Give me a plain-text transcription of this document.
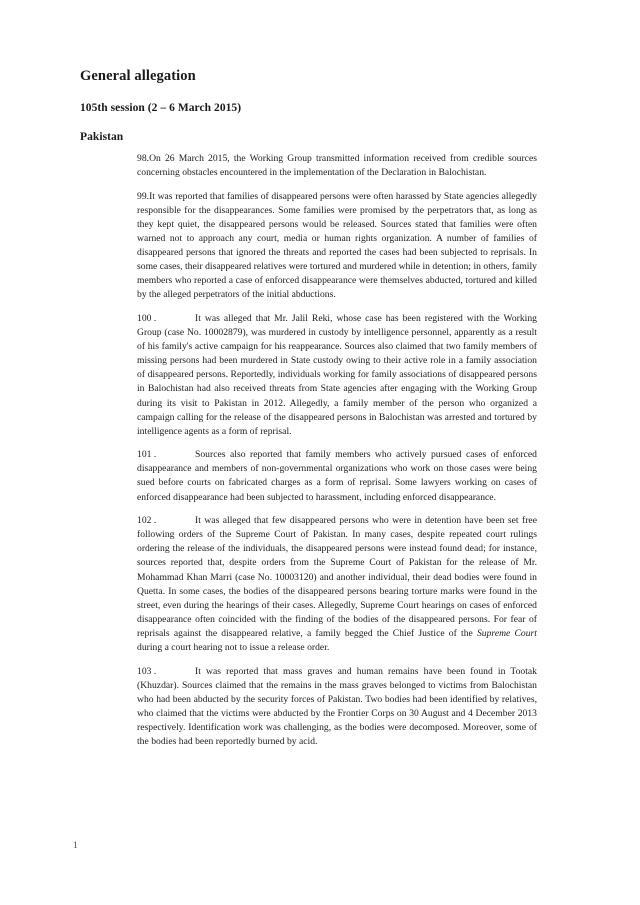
General allegation
105th session (2 – 6 March 2015)
Pakistan

98.On 26 March 2015, the Working Group transmitted information received from credible sources concerning obstacles encountered in the implementation of the Declaration in Balochistan.

99.It was reported that families of disappeared persons were often harassed by State agencies allegedly responsible for the disappearances. Some families were promised by the perpetrators that, as long as they kept quiet, the disappeared persons would be released. Sources stated that families were often warned not to approach any court, media or human rights organization. A number of families of disappeared persons that ignored the threats and reported the cases had been subjected to reprisals. In some cases, their disappeared relatives were tortured and murdered while in detention; in others, family members who reported a case of enforced disappearance were themselves abducted, tortured and killed by the alleged perpetrators of the initial abductions.

100 .	It was alleged that Mr. Jalil Reki, whose case has been registered with the Working Group (case No. 10002879), was murdered in custody by intelligence personnel, apparently as a result of his family's active campaign for his reappearance. Sources also claimed that two family members of missing persons had been murdered in State custody owing to their active role in a family association of disappeared persons. Reportedly, individuals working for family associations of disappeared persons in Balochistan had also received threats from State agencies after engaging with the Working Group during its visit to Pakistan in 2012. Allegedly, a family member of the person who organized a campaign calling for the release of the disappeared persons in Balochistan was arrested and tortured by intelligence agents as a form of reprisal.

101 .	Sources also reported that family members who actively pursued cases of enforced disappearance and members of non-governmental organizations who work on those cases were being sued before courts on fabricated charges as a form of reprisal. Some lawyers working on cases of enforced disappearance had been subjected to harassment, including enforced disappearance.

102 .	It was alleged that few disappeared persons who were in detention have been set free following orders of the Supreme Court of Pakistan. In many cases, despite repeated court rulings ordering the release of the individuals, the disappeared persons were instead found dead; for instance, sources reported that, despite orders from the Supreme Court of Pakistan for the release of Mr. Mohammad Khan Marri (case No. 10003120) and another individual, their dead bodies were found in Quetta. In some cases, the bodies of the disappeared persons bearing torture marks were found in the street, even during the hearings of their cases. Allegedly, Supreme Court hearings on cases of enforced disappearance often coincided with the finding of the bodies of the disappeared persons. For fear of reprisals against the disappeared relative, a family begged the Chief Justice of the Supreme Court during a court hearing not to issue a release order.

103 .	It was reported that mass graves and human remains have been found in Tootak (Khuzdar). Sources claimed that the remains in the mass graves belonged to victims from Balochistan who had been abducted by the security forces of Pakistan. Two bodies had been identified by relatives, who claimed that the victims were abducted by the Frontier Corps on 30 August and 4 December 2013 respectively. Identification work was challenging, as the bodies were decomposed. Moreover, some of the bodies had been reportedly burned by acid.

1
